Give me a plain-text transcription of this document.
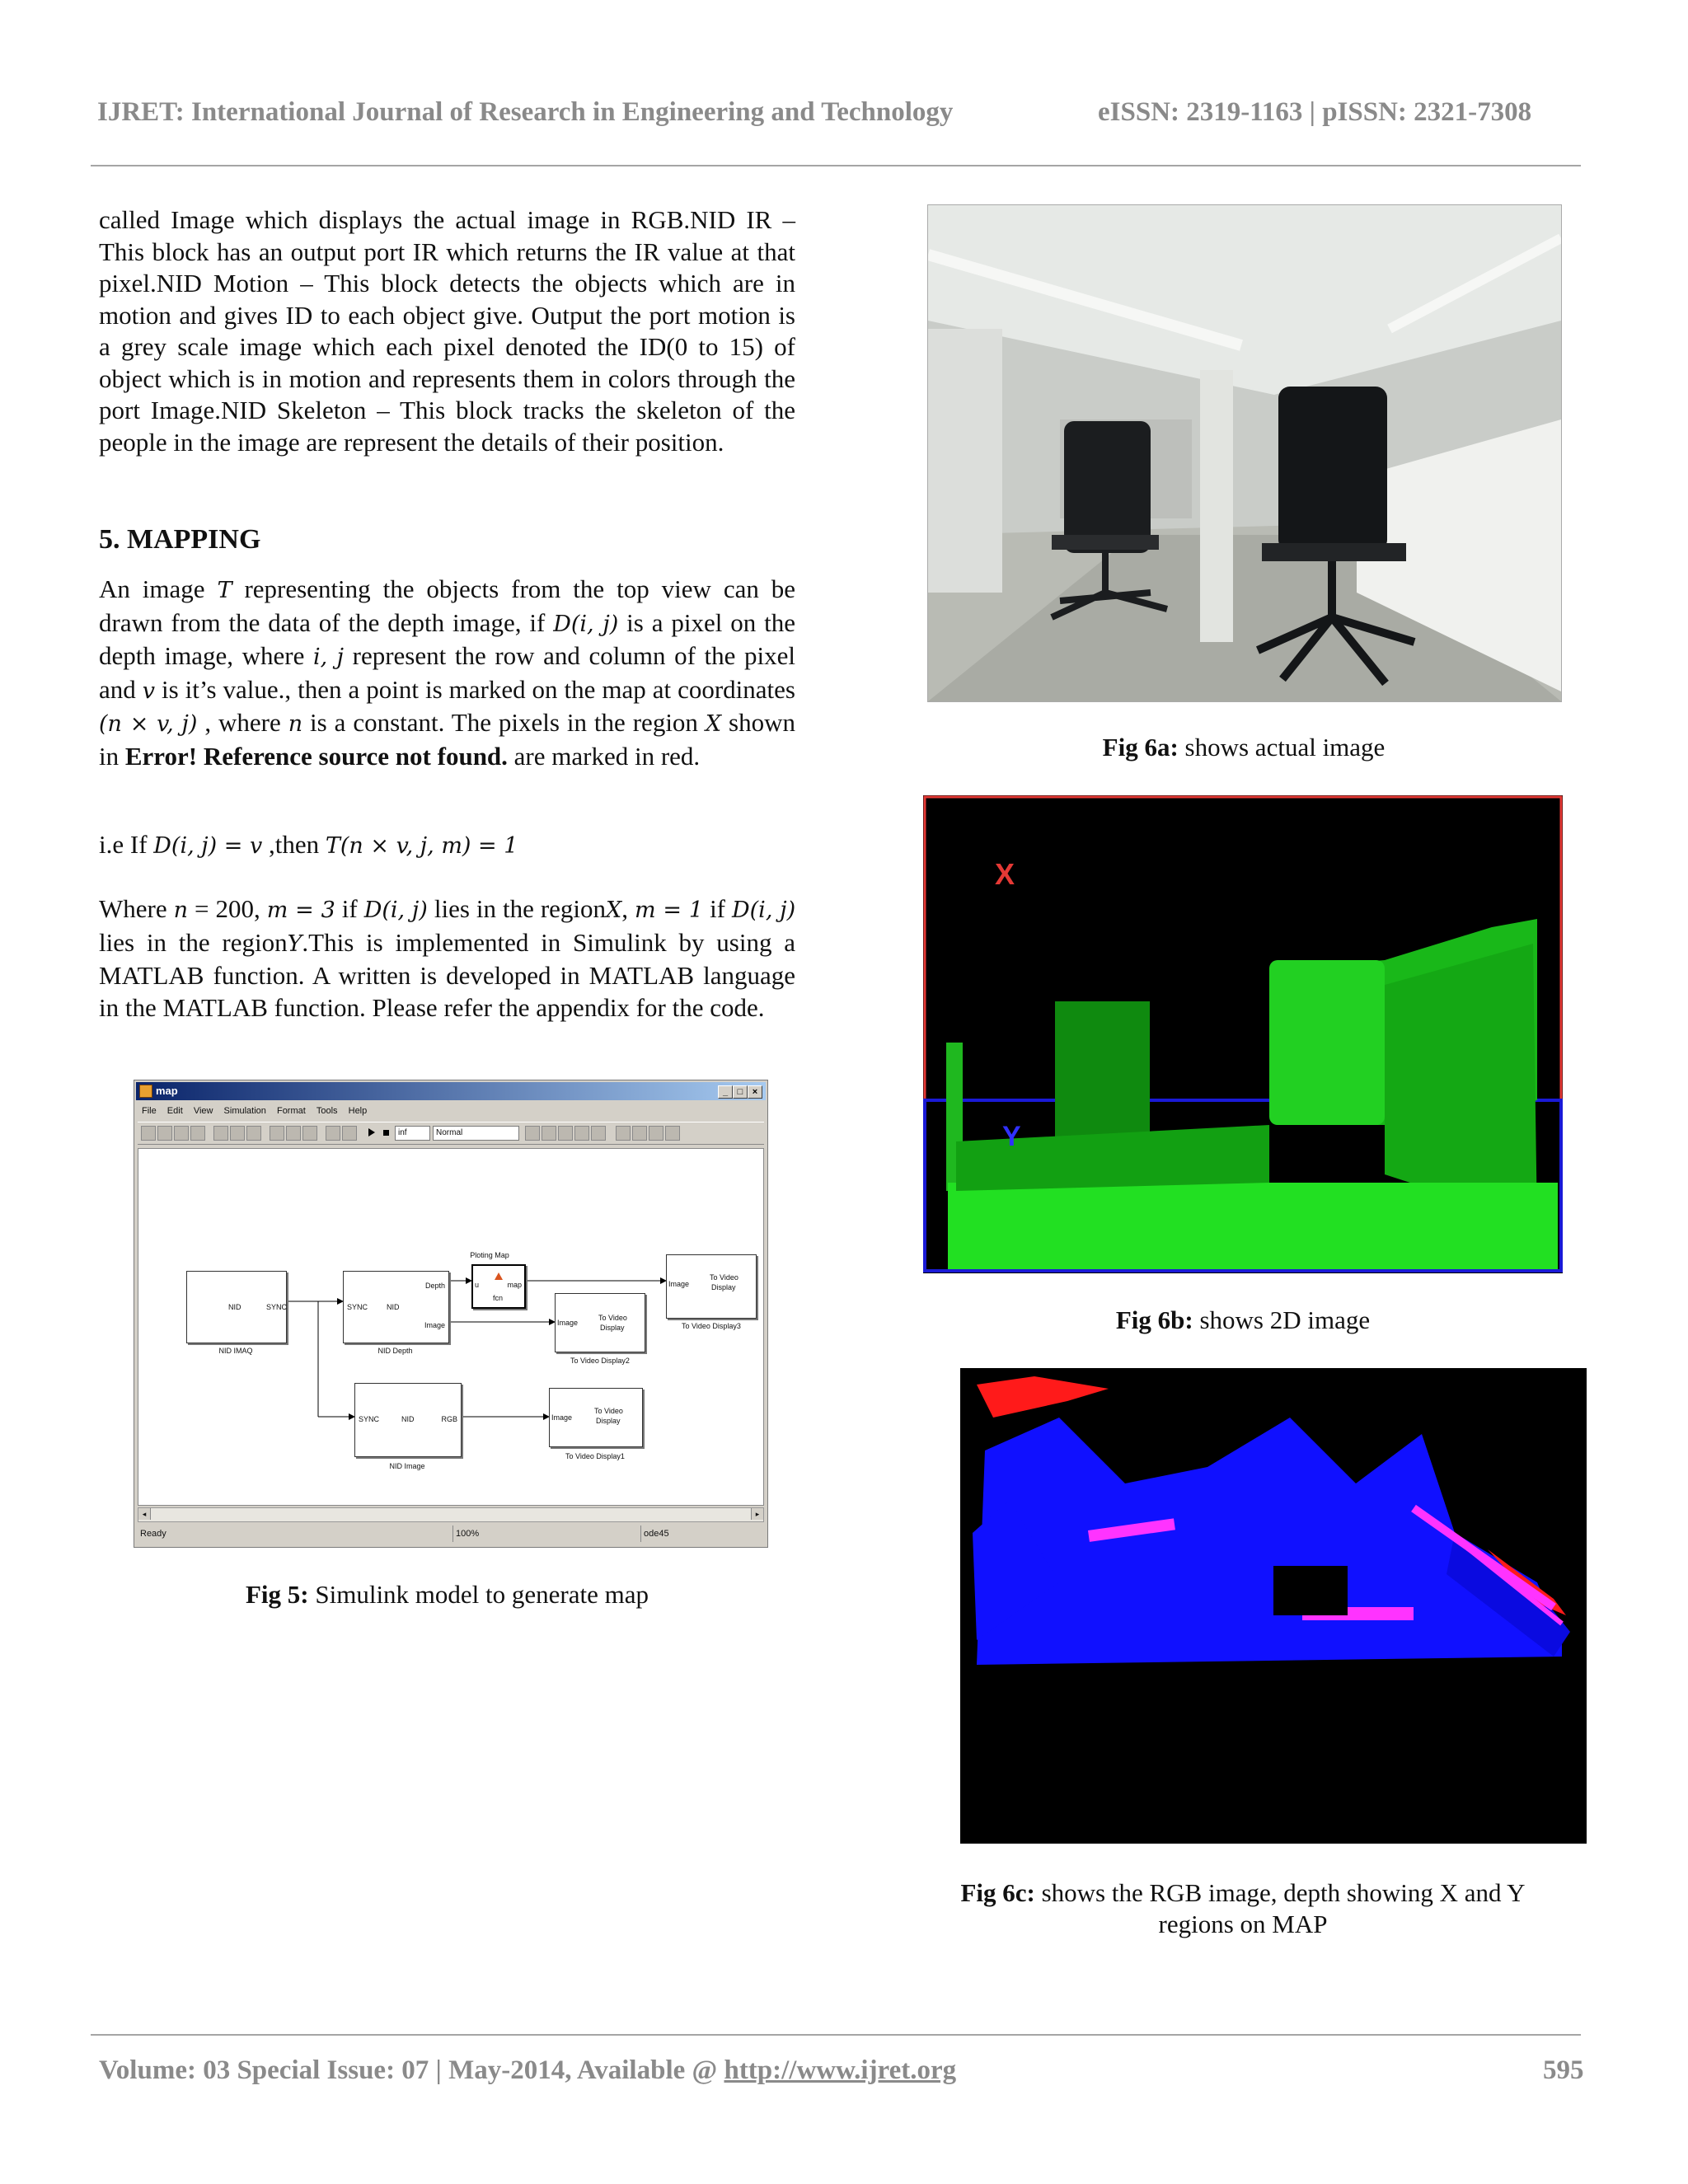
IJRET: International Journal of Research in Engineering and Technology	eISSN: 2319-1163 | pISSN: 2321-7308

called Image which displays the actual image in RGB.NID IR – This block has an output port IR which returns the IR value at that pixel.NID Motion – This block detects the objects which are in motion and gives ID to each object give. Output the port motion is a grey scale image which each pixel denoted the ID(0 to 15) of object which is in motion and represents them in colors through the port Image.NID Skeleton – This block tracks the skeleton of the people in the image are represent the details of their position.

5. MAPPING

An image T representing the objects from the top view can be drawn from the data of the depth image, if D(i, j) is a pixel on the depth image, where i, j represent the row and column of the pixel and v is it’s value., then a point is marked on the map at coordinates (n × v, j) , where n is a constant. The pixels in the region X shown in Error! Reference source not found. are marked in red.

i.e If D(i, j) = v ,then T(n × v, j, m) = 1

Where n = 200, m = 3 if D(i, j) lies in the regionX, m = 1 if D(i, j) lies in the regionY.This is implemented in Simulink by using a MATLAB function. A written is developed in MATLAB language in the MATLAB function. Please refer the appendix for the code.

map	_	□	×
File Edit View Simulation Format Tools Help
inf	Normal
NID	SYNC
NID IMAQ
SYNC	NID
Depth
Image
NID Depth
Ploting Map
u	map
fcn
Image
To Video
Display
To Video Display3
Image
To Video
Display
To Video Display2
SYNC	NID	RGB
NID Image
Image
To Video
Display
To Video Display1
◂	▸
Ready	100%	ode45
Fig 5: Simulink model to generate map
Fig 6a: shows actual image
X
Y
Fig 6b: shows 2D image
Fig 6c: shows the RGB image, depth showing X and Y regions on MAP
Volume: 03 Special Issue: 07 | May-2014, Available @ http://www.ijret.org	595
